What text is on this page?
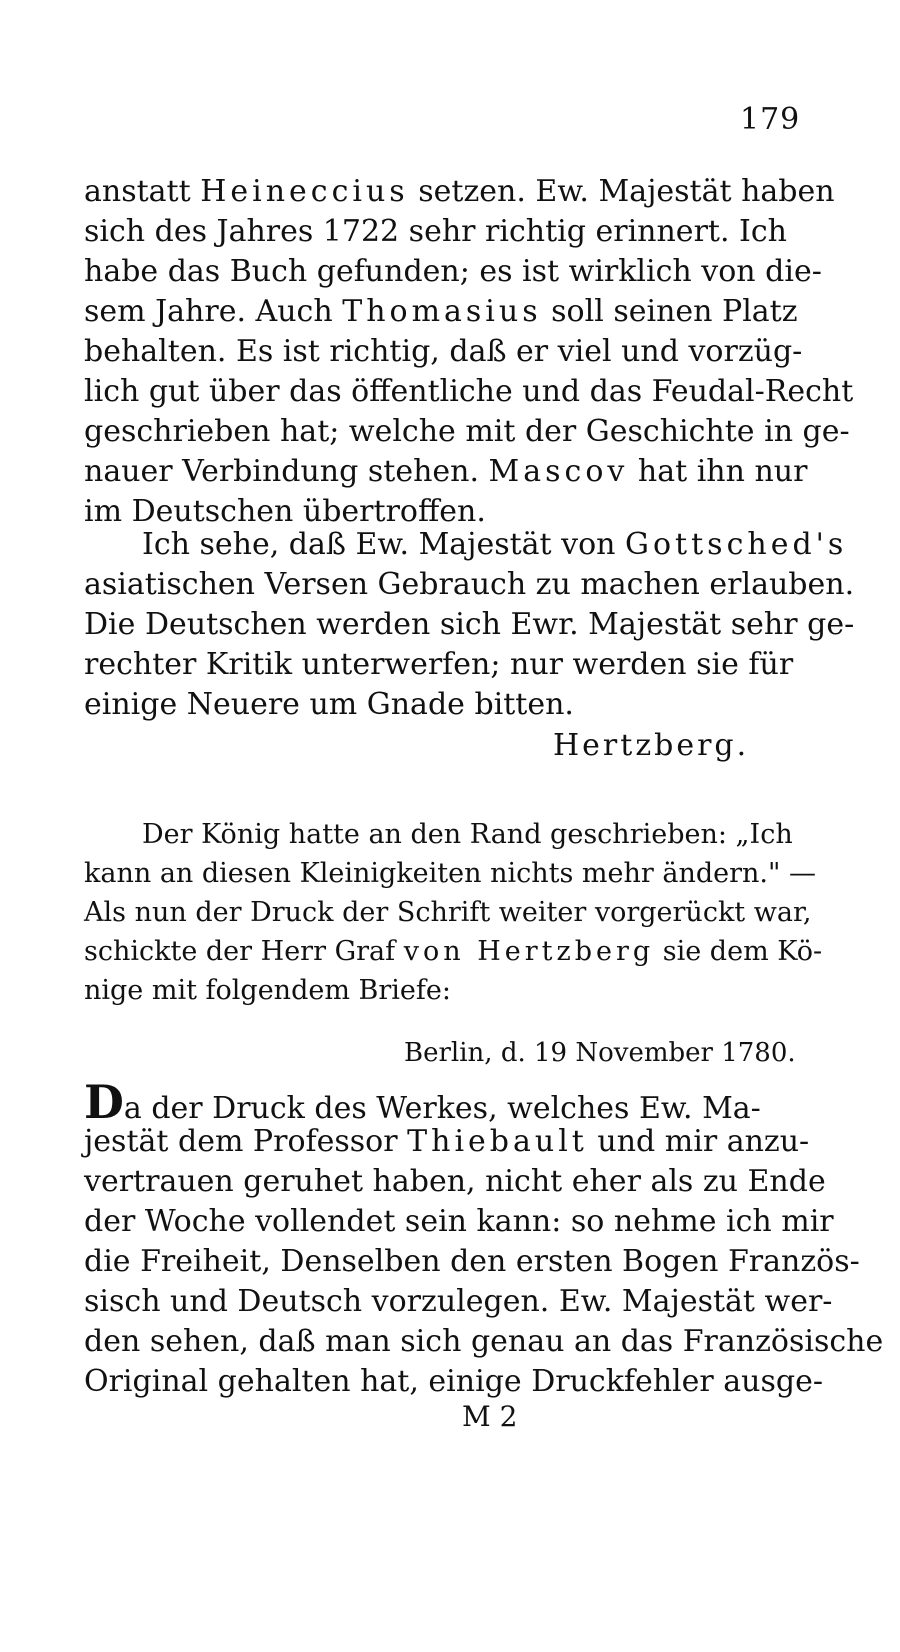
179
anstatt Heineccius setzen. Ew. Majestät haben
sich des Jahres 1722 sehr richtig erinnert. Ich
habe das Buch gefunden; es ist wirklich von die-
sem Jahre. Auch Thomasius soll seinen Platz
behalten. Es ist richtig, daß er viel und vorzüg-
lich gut über das öffentliche und das Feudal-Recht
geschrieben hat; welche mit der Geschichte in ge-
nauer Verbindung stehen. Mascov hat ihn nur
im Deutschen übertroffen.
Ich sehe, daß Ew. Majestät von Gottsched's
asiatischen Versen Gebrauch zu machen erlauben.
Die Deutschen werden sich Ewr. Majestät sehr ge-
rechter Kritik unterwerfen; nur werden sie für
einige Neuere um Gnade bitten.
Hertzberg.
Der König hatte an den Rand geschrieben: „Ich
kann an diesen Kleinigkeiten nichts mehr ändern." —
Als nun der Druck der Schrift weiter vorgerückt war,
schickte der Herr Graf von Hertzberg sie dem Kö-
nige mit folgendem Briefe:
Berlin, d. 19 November 1780.
Da der Druck des Werkes, welches Ew. Ma-
jestät dem Professor Thiebault und mir anzu-
vertrauen geruhet haben, nicht eher als zu Ende
der Woche vollendet sein kann: so nehme ich mir
die Freiheit, Denselben den ersten Bogen Französ-
sisch und Deutsch vorzulegen. Ew. Majestät wer-
den sehen, daß man sich genau an das Französische
Original gehalten hat, einige Druckfehler ausge-
M 2
